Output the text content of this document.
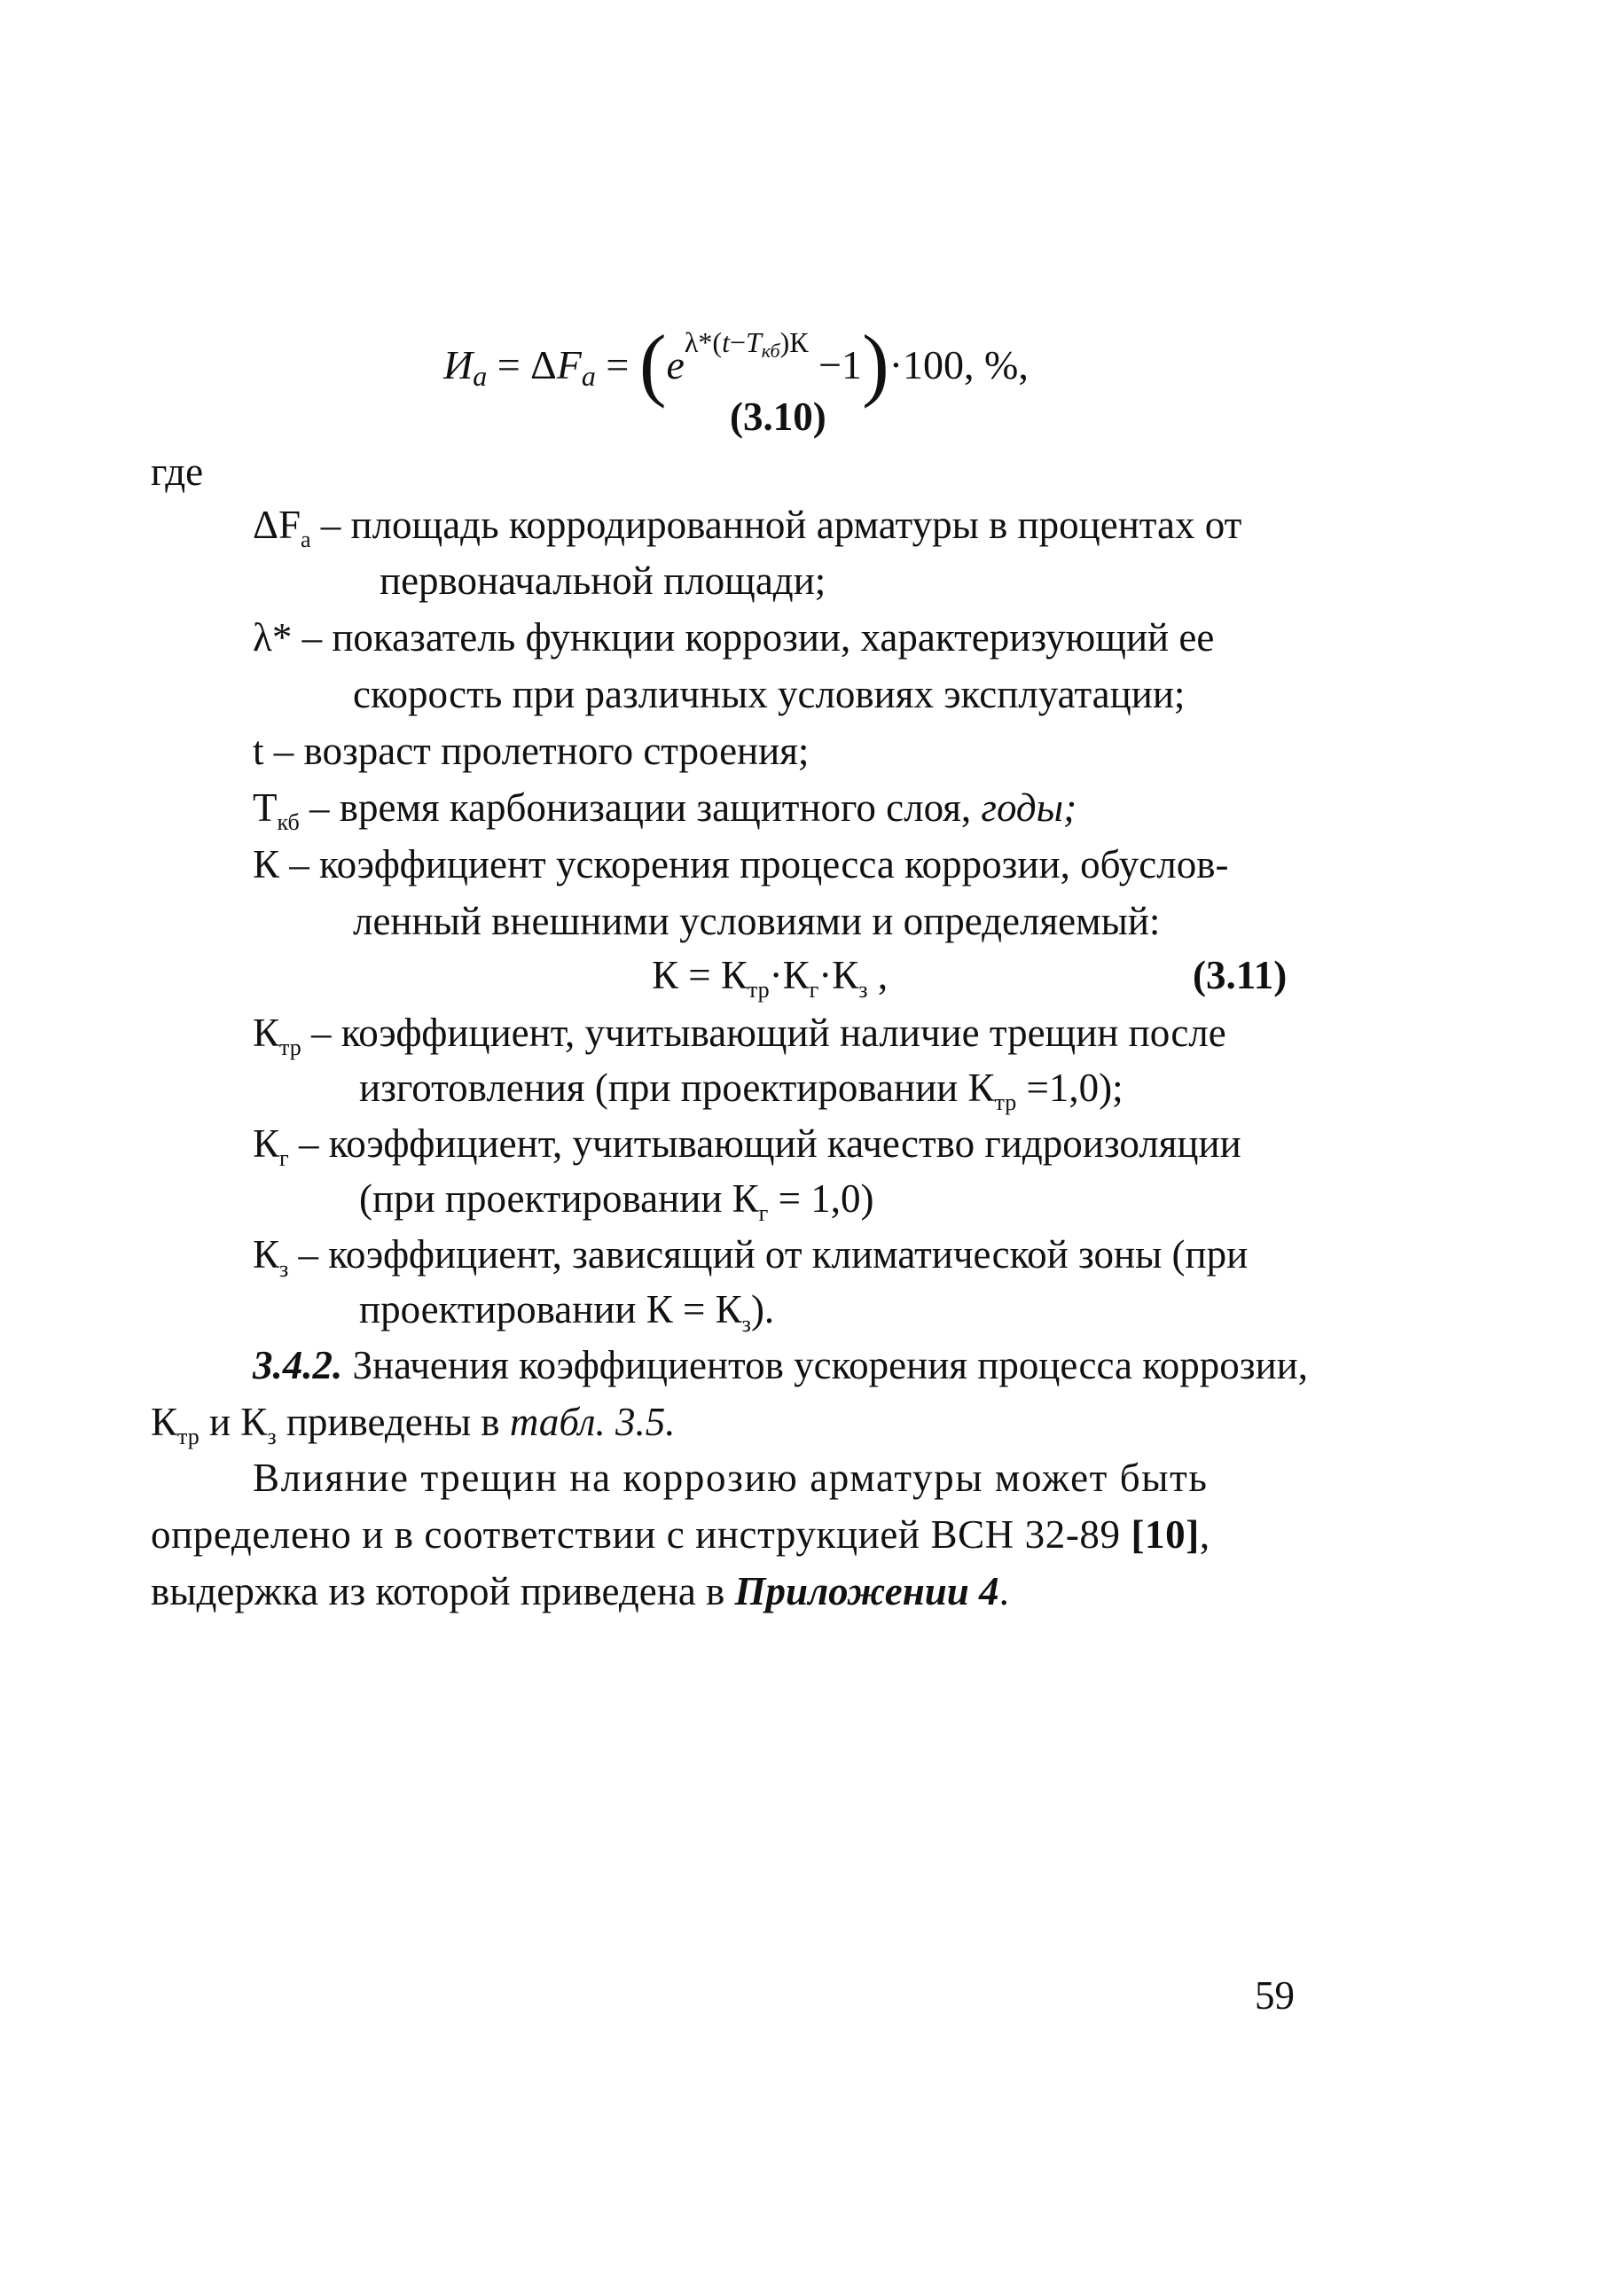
$И_a = \Delta F_a = (e^{\lambda*(t-Tкб)К} -1)\cdot 100$, %,
(3.10)
где
$\Delta F_а$ – площадь корродированной арматуры в процентах от
первоначальной площади;
λ* – показатель функции коррозии, характеризующий ее
скорость при различных условиях эксплуатации;
t – возраст пролетного строения;
$Т_{кб}$ – время карбонизации защитного слоя, годы;
К – коэффициент ускорения процесса коррозии, обуслов-
ленный внешними условиями и определяемый:
$К = К_{тр}\cdot К_г\cdot К_з$ ,	(3.11)
$К_{тр}$ – коэффициент, учитывающий наличие трещин после
изготовления (при проектировании $К_{тр} =1,0$);
$К_г$ – коэффициент, учитывающий качество гидроизоляции
(при проектировании $К_г = 1,0$)
$К_з$ – коэффициент, зависящий от климатической зоны (при
проектировании $К = К_з$).
3.4.2. Значения коэффициентов ускорения процесса коррозии,
$К_{тр}$ и $К_з$ приведены в табл. 3.5.
Влияние трещин на коррозию арматуры может быть
определено и в соответствии с инструкцией ВСН 32-89 [10],
выдержка из которой приведена в Приложении 4.
59
